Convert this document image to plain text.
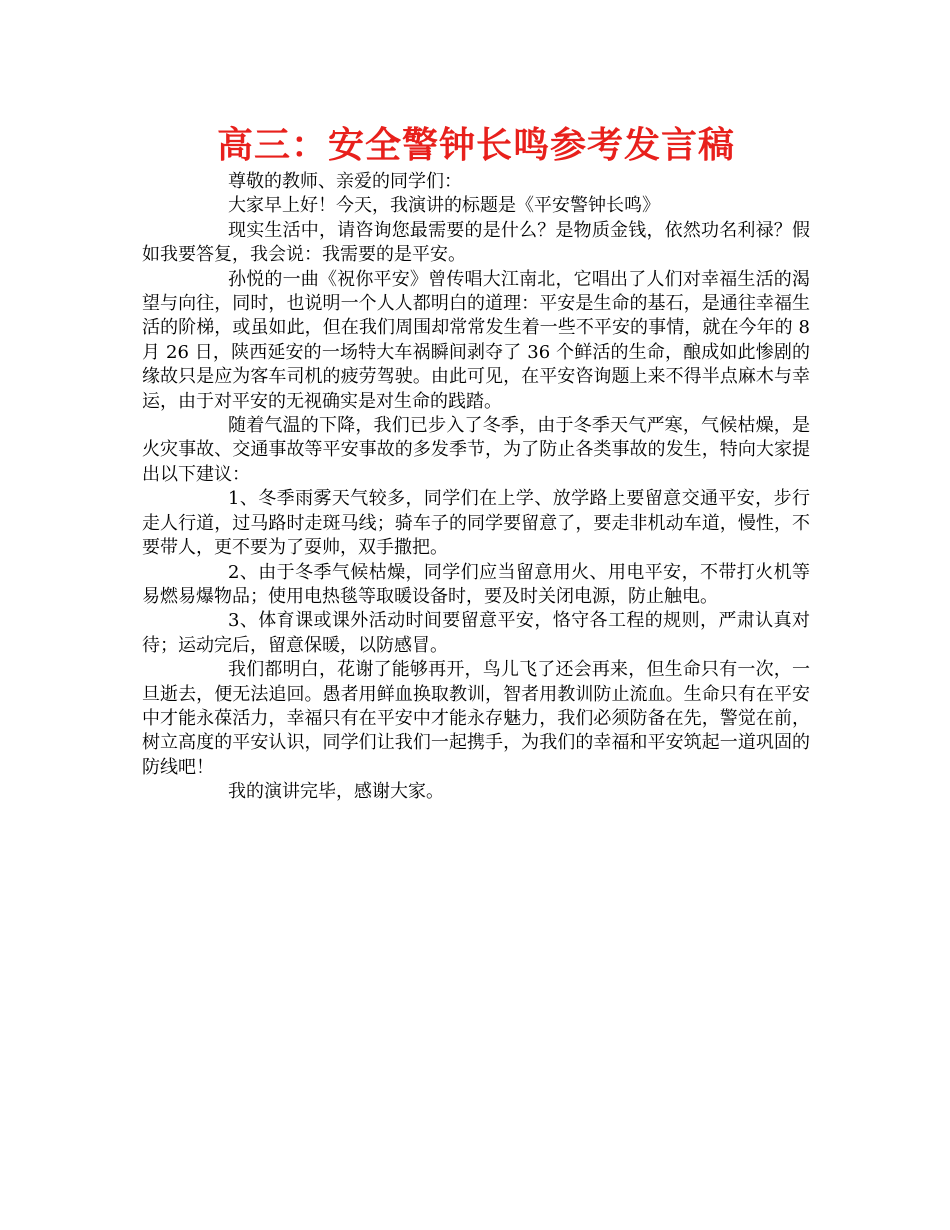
高三：安全警钟长鸣参考发言稿

尊敬的教师、亲爱的同学们：

大家早上好！今天，我演讲的标题是《平安警钟长鸣》

现实生活中，请咨询您最需要的是什么？是物质金钱，依然功名利禄？假如我要答复，我会说：我需要的是平安。

孙悦的一曲《祝你平安》曾传唱大江南北，它唱出了人们对幸福生活的渴望与向往，同时，也说明一个人人都明白的道理：平安是生命的基石，是通往幸福生活的阶梯，或虽如此，但在我们周围却常常发生着一些不平安的事情，就在今年的 8 月 26 日，陕西延安的一场特大车祸瞬间剥夺了 36 个鲜活的生命，酿成如此惨剧的缘故只是应为客车司机的疲劳驾驶。由此可见，在平安咨询题上来不得半点麻木与幸运，由于对平安的无视确实是对生命的践踏。

随着气温的下降，我们已步入了冬季，由于冬季天气严寒，气候枯燥，是火灾事故、交通事故等平安事故的多发季节，为了防止各类事故的发生，特向大家提出以下建议：

1、冬季雨雾天气较多，同学们在上学、放学路上要留意交通平安，步行走人行道，过马路时走斑马线；骑车子的同学要留意了，要走非机动车道，慢性，不要带人，更不要为了耍帅，双手撒把。

2、由于冬季气候枯燥，同学们应当留意用火、用电平安，不带打火机等易燃易爆物品；使用电热毯等取暖设备时，要及时关闭电源，防止触电。

3、体育课或课外活动时间要留意平安，恪守各工程的规则，严肃认真对待；运动完后，留意保暖，以防感冒。

我们都明白，花谢了能够再开，鸟儿飞了还会再来，但生命只有一次，一旦逝去，便无法追回。愚者用鲜血换取教训，智者用教训防止流血。生命只有在平安中才能永葆活力，幸福只有在平安中才能永存魅力，我们必须防备在先，警觉在前，树立高度的平安认识，同学们让我们一起携手，为我们的幸福和平安筑起一道巩固的防线吧！

我的演讲完毕，感谢大家。
